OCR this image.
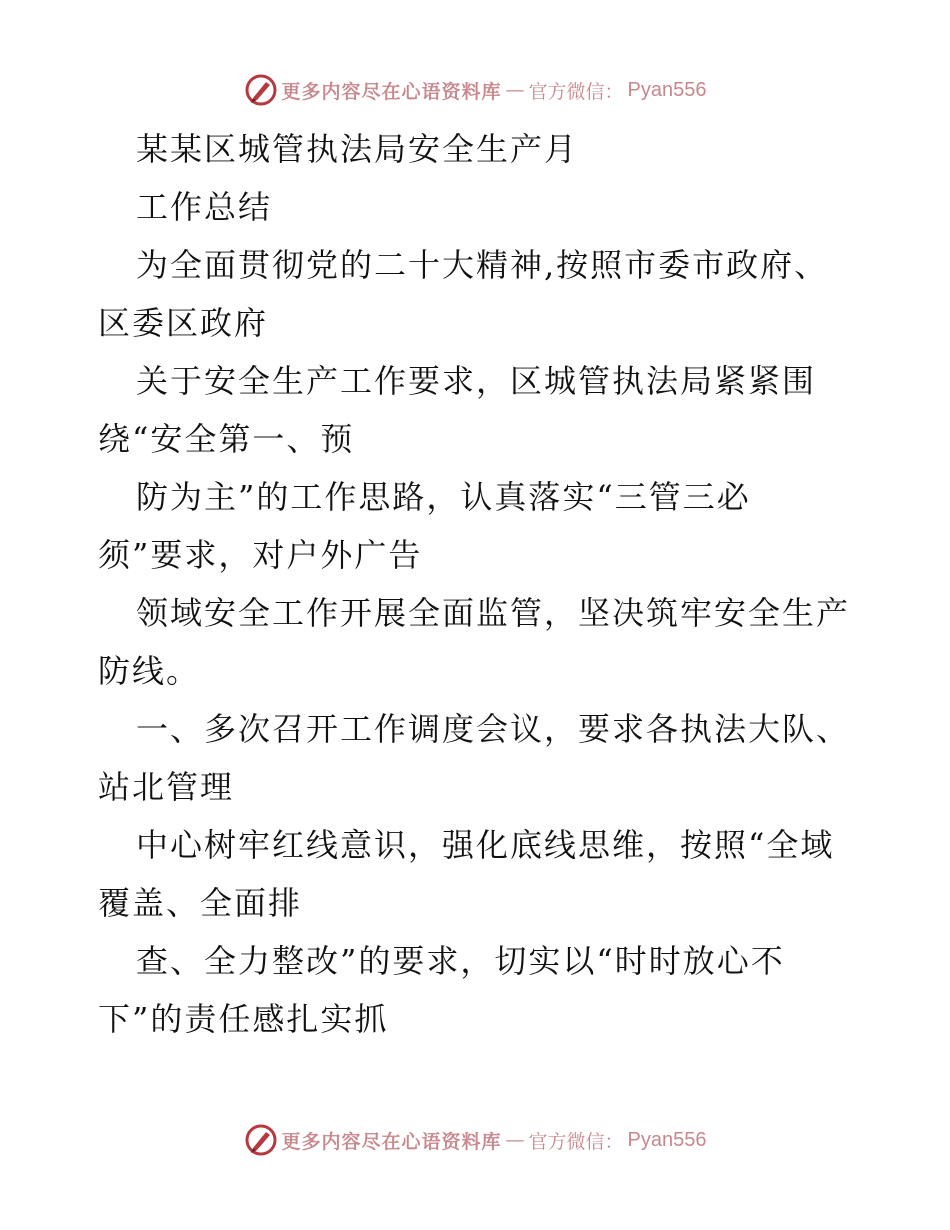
更多内容尽在心语资料库 — 官方微信： Pyan556
某某区城管执法局安全生产月
工作总结
为全面贯彻党的二十大精神,按照市委市政府、
区委区政府
关于安全生产工作要求，区城管执法局紧紧围
绕“安全第一、预
防为主”的工作思路，认真落实“三管三必
须”要求，对户外广告
领域安全工作开展全面监管，坚决筑牢安全生产
防线。
一、多次召开工作调度会议，要求各执法大队、
站北管理
中心树牢红线意识，强化底线思维，按照“全域
覆盖、全面排
查、全力整改”的要求，切实以“时时放心不
下”的责任感扎实抓
更多内容尽在心语资料库 — 官方微信： Pyan556
